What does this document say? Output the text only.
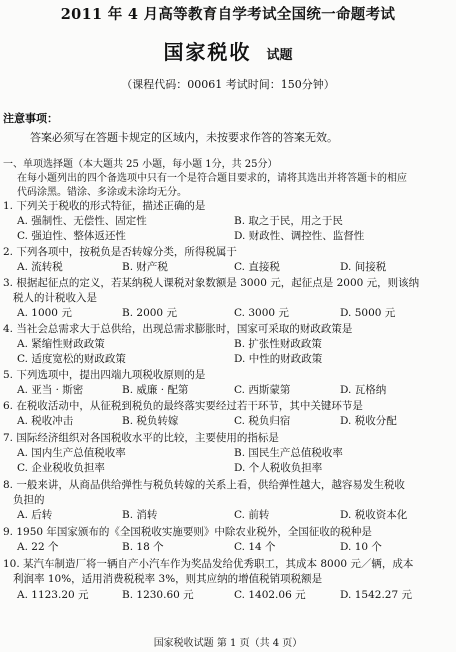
2011 年 4 月高等教育自学考试全国统一命题考试
国家税收 试题
（课程代码：00061 考试时间：150分钟）
注意事项：
答案必须写在答题卡规定的区域内，未按要求作答的答案无效。
一、单项选择题（本大题共 25 小题，每小题 1分，共 25分）
在每小题列出的四个备选项中只有一个是符合题目要求的，请将其选出并将答题卡的相应
代码涂黑。错涂、多涂或未涂均无分。
1. 下列关于税收的形式特征，描述正确的是
A. 强制性、无偿性、固定性	B. 取之于民，用之于民
C. 强迫性、整体返还性	D. 财政性、调控性、监督性
2. 下列各项中，按税负是否转嫁分类，所得税属于
A. 流转税	B. 财产税	C. 直接税	D. 间接税
3. 根据起征点的定义，若某纳税人课税对象数额是 3000 元，起征点是 2000 元，则该纳
税人的计税收入是
A. 1000 元	B. 2000 元	C. 3000 元	D. 5000 元
4. 当社会总需求大于总供给，出现总需求膨胀时，国家可采取的财政政策是
A. 紧缩性财政政策	B. 扩张性财政政策
C. 适度宽松的财政政策	D. 中性的财政政策
5. 下列选项中，提出四端九项税收原则的是
A. 亚当 · 斯密	B. 威廉 · 配第	C. 西斯蒙第	D. 瓦格纳
6. 在税收活动中，从征税到税负的最终落实要经过若干环节，其中关键环节是
A. 税收冲击	B. 税负转嫁	C. 税负归宿	D. 税收分配
7. 国际经济组织对各国税收水平的比较，主要使用的指标是
A. 国内生产总值税收率	B. 国民生产总值税收率
C. 企业税收负担率	D. 个人税收负担率
8. 一般来讲，从商品供给弹性与税负转嫁的关系上看，供给弹性越大，越容易发生税收
负担的
A. 后转	B. 消转	C. 前转	D. 税收资本化
9. 1950 年国家颁布的《全国税收实施要则》中除农业税外，全国征收的税种是
A. 22 个	B. 18 个	C. 14 个	D. 10 个
10. 某汽车制造厂将一辆自产小汽车作为奖品发给优秀职工，其成本 8000 元／辆，成本
利润率 10%，适用消费税税率 3%，则其应纳的增值税销项税额是
A. 1123.20 元	B. 1230.60 元	C. 1402.06 元	D. 1542.27 元
国家税收试题 第 1 页（共 4 页）
